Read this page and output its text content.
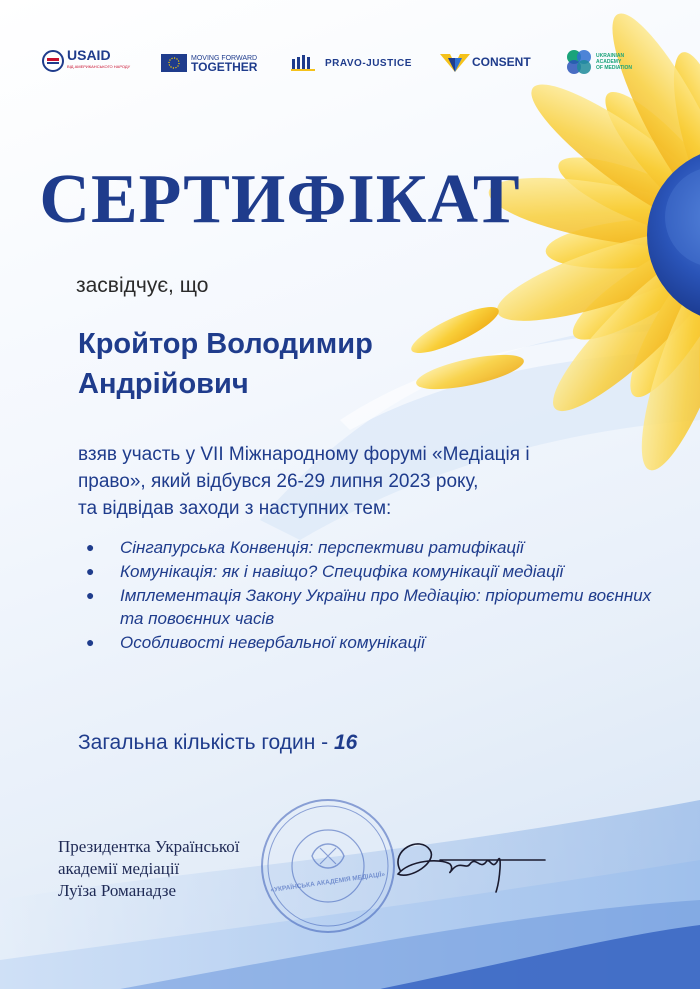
USAID
ВІД АМЕРИКАНСЬКОГО НАРОДУ
MOVING FORWARD
TOGETHER	PRAVO-JUSTICE	CONSENT	UKRAINIAN
ACADEMY
OF MEDIATION
СЕРТИФІКАТ
засвідчує, що
Кройтор Володимир
Андрійович
взяв участь у VII Міжнародному форумі «Медіація і
право», який відбувся 26-29 липня 2023 року,
та відвідав заходи з наступних тем:
● Сінгапурська Конвенція: перспективи ратифікації
● Комунікація: як і навіщо? Специфіка комунікації медіації
● Імплементація Закону України про Медіацію: пріоритети воєнних та повоєнних часів
● Особливості невербальної комунікації
Загальна кількість годин - 16
Президентка Української
академії медіації
Луїза Романадзе	«УКРАЇНСЬКА АКАДЕМІЯ МЕДІАЦІЇ»
